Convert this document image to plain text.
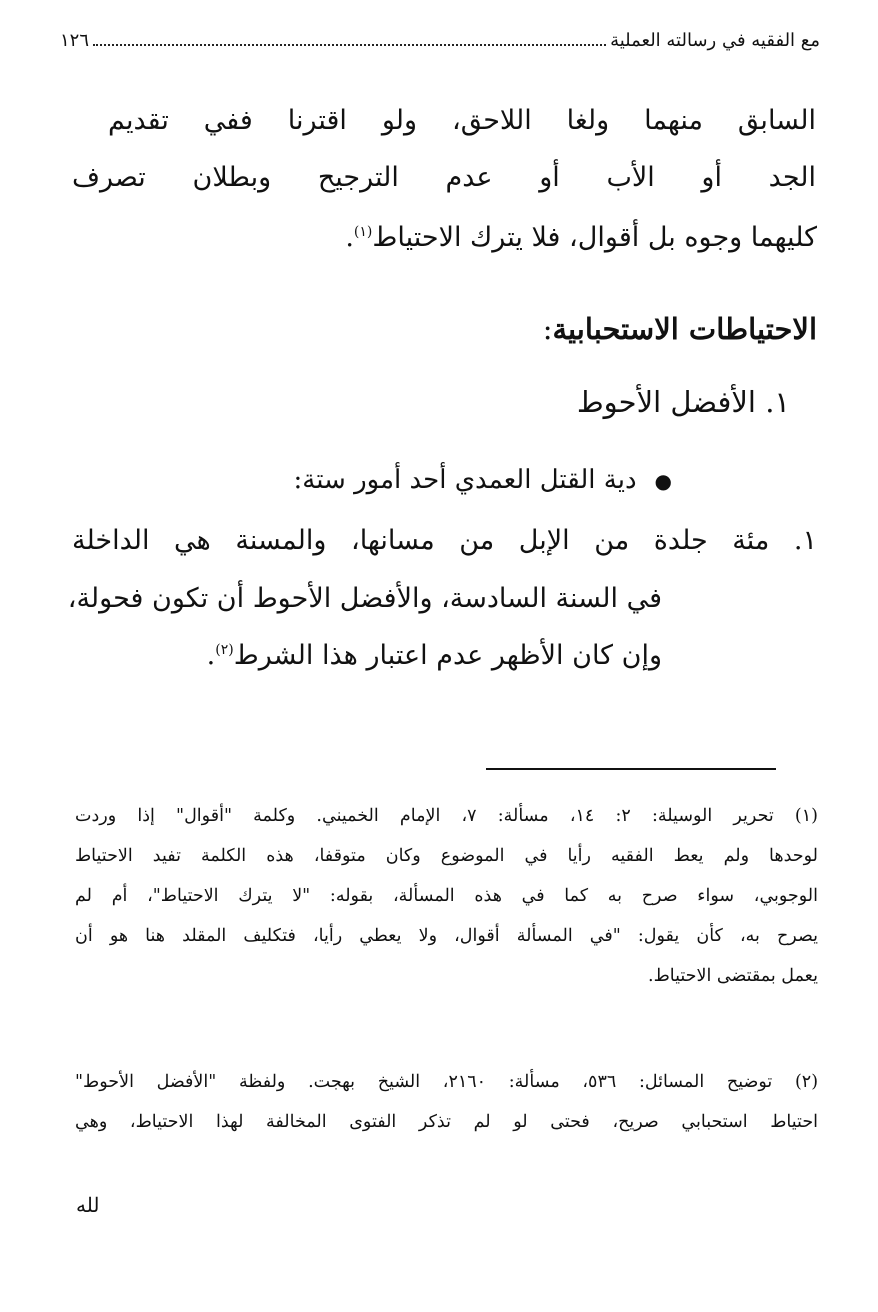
مع الفقيه في رسالته العملية
١٢٦
السابق منهما ولغا اللاحق، ولو اقترنا ففي تقديم
الجد أو الأب أو عدم الترجيح وبطلان تصرف
كليهما وجوه بل أقوال، فلا يترك الاحتياط$^{(١)}$.
الاحتياطات الاستحبابية:
١. الأفضل الأحوط
●دية القتل العمدي أحد أمور ستة:
١. مئة جلدة من الإبل من مسانها، والمسنة هي الداخلة
في السنة السادسة، والأفضل الأحوط أن تكون فحولة،
وإن كان الأظهر عدم اعتبار هذا الشرط$^{(٢)}$.
(١) تحرير الوسيلة: ٢: ١٤، مسألة: ٧، الإمام الخميني. وكلمة "أقوال" إذا وردت
لوحدها ولم يعط الفقيه رأيا في الموضوع وكان متوقفا، هذه الكلمة تفيد الاحتياط
الوجوبي، سواء صرح به كما في هذه المسألة، بقوله: "لا يترك الاحتياط"، أم لم
يصرح به، كأن يقول: "في المسألة أقوال، ولا يعطي رأيا، فتكليف المقلد هنا هو أن
يعمل بمقتضى الاحتياط.
(٢) توضيح المسائل: ٥٣٦، مسألة: ٢١٦٠، الشيخ بهجت. ولفظة "الأفضل الأحوط"
احتياط استحبابي صريح، فحتى لو لم تذكر الفتوى المخالفة لهذا الاحتياط، وهي
لله
